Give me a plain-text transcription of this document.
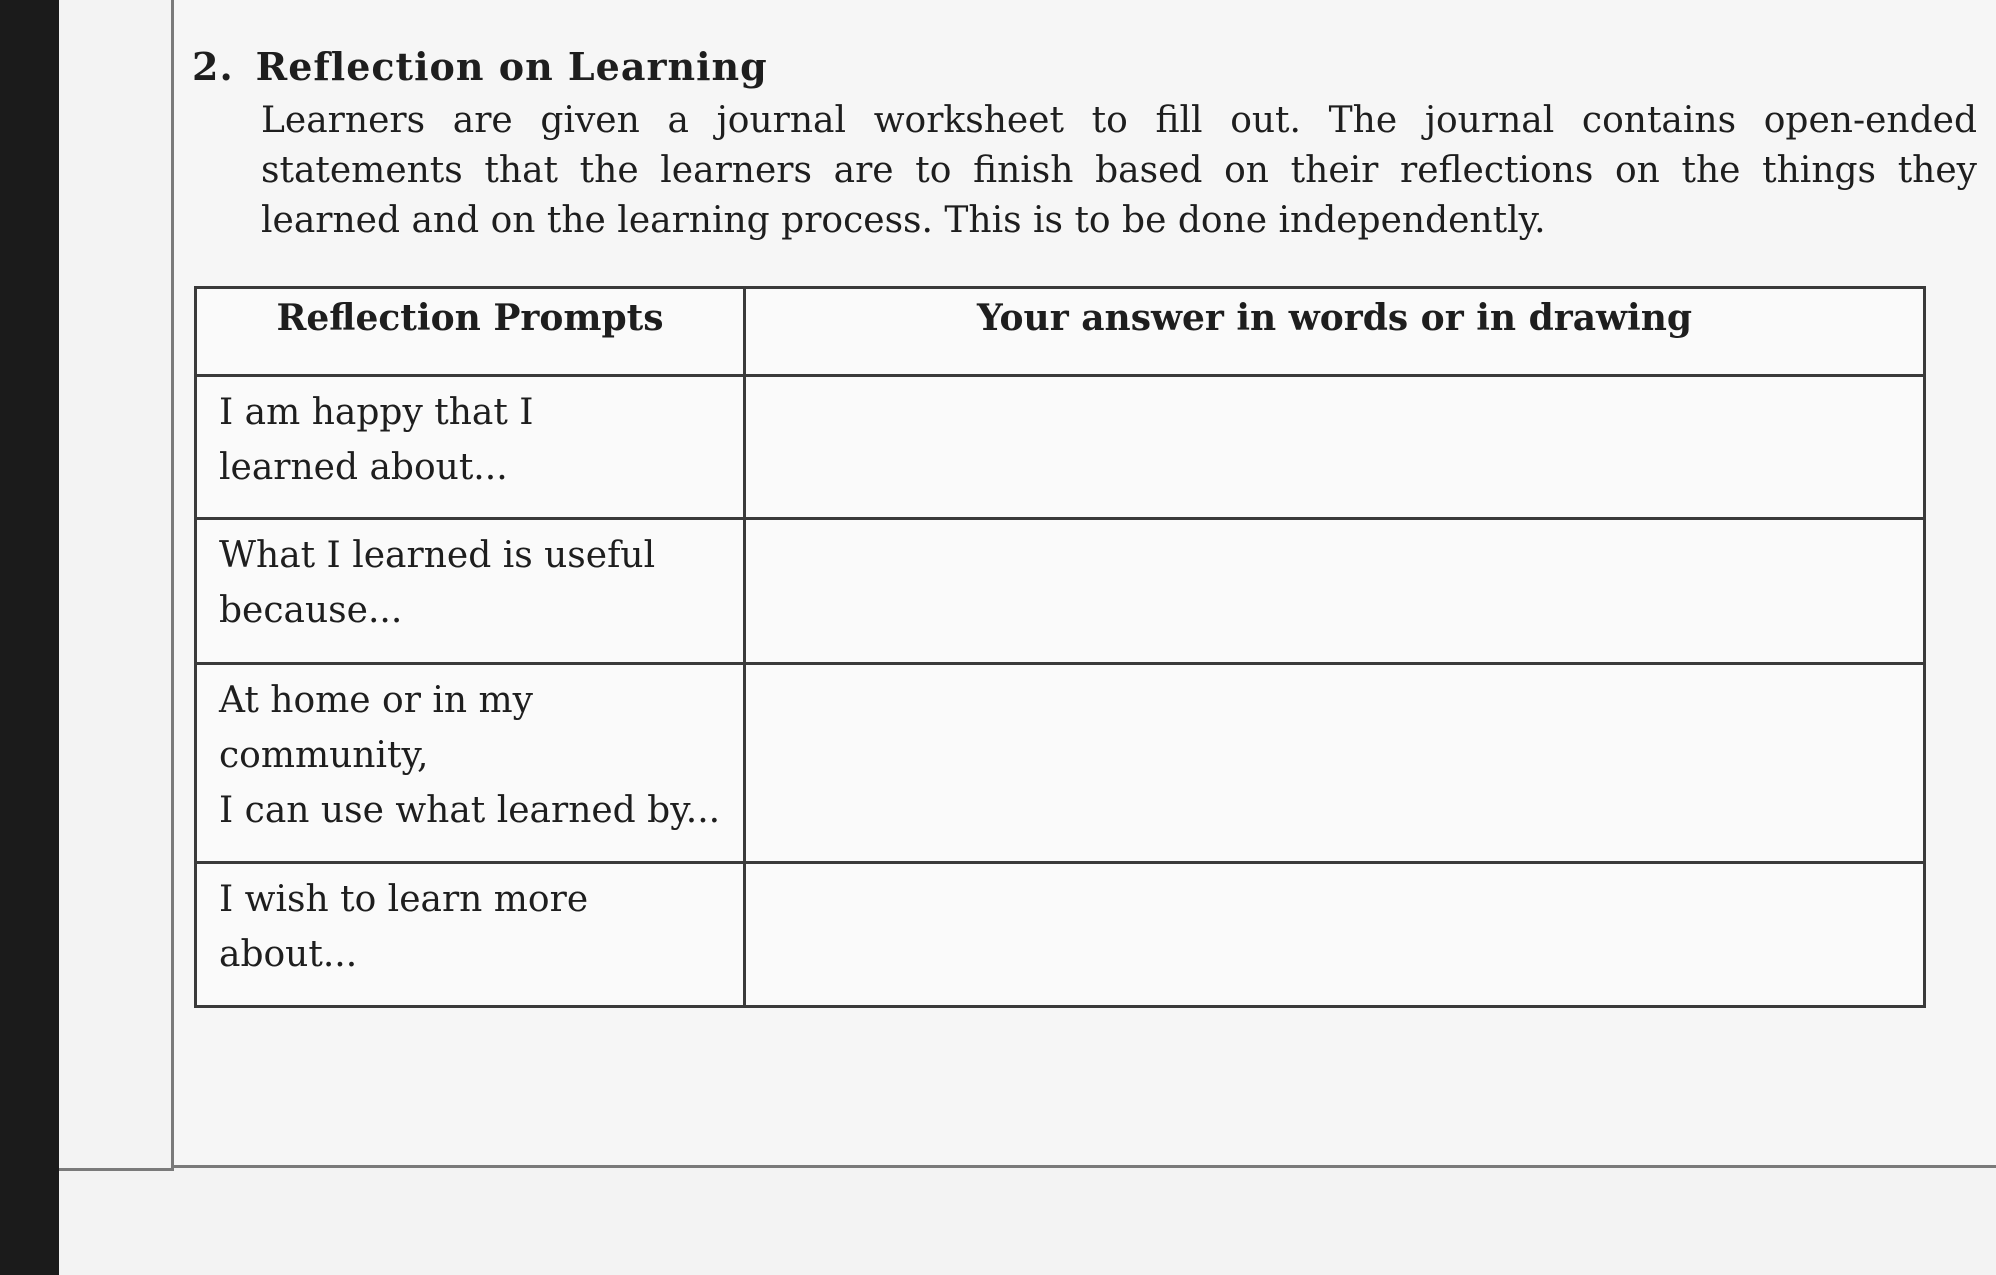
2. Reflection on Learning
Learners are given a journal worksheet to fill out. The journal contains open-ended statements that the learners are to finish based on their reflections on the things they learned and on the learning process. This is to be done independently.
Reflection Prompts	Your answer in words or in drawing

I am happy that I
learned about...	

What I learned is useful
because...	

At home or in my community,
I can use what learned by...	

I wish to learn more
about...	
